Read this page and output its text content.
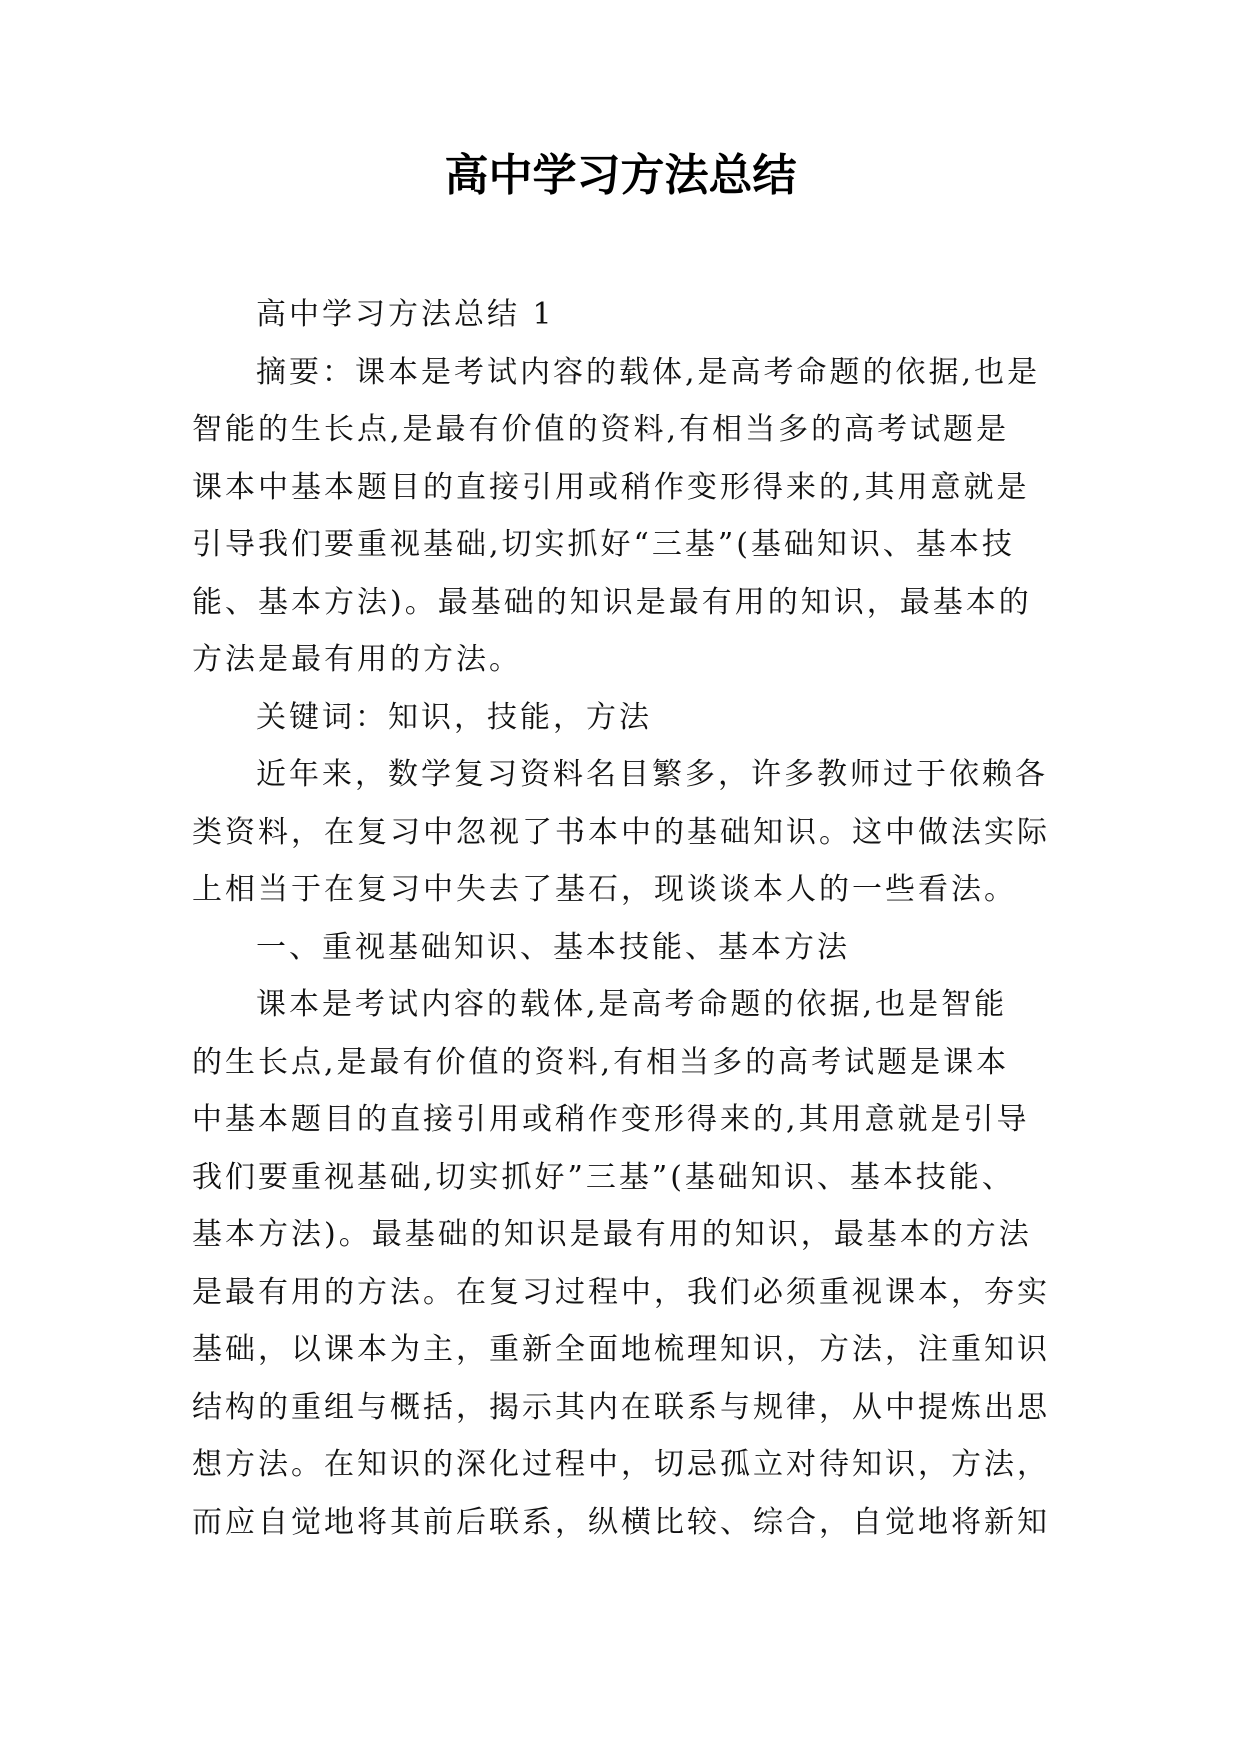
高中学习方法总结
高中学习方法总结 1
摘要：课本是考试内容的载体,是高考命题的依据,也是
智能的生长点,是最有价值的资料,有相当多的高考试题是
课本中基本题目的直接引用或稍作变形得来的,其用意就是
引导我们要重视基础,切实抓好“三基”(基础知识、基本技
能、基本方法)。最基础的知识是最有用的知识，最基本的
方法是最有用的方法。
关键词：知识，技能，方法
近年来，数学复习资料名目繁多，许多教师过于依赖各
类资料，在复习中忽视了书本中的基础知识。这中做法实际
上相当于在复习中失去了基石，现谈谈本人的一些看法。
一、重视基础知识、基本技能、基本方法
课本是考试内容的载体,是高考命题的依据,也是智能
的生长点,是最有价值的资料,有相当多的高考试题是课本
中基本题目的直接引用或稍作变形得来的,其用意就是引导
我们要重视基础,切实抓好”三基”(基础知识、基本技能、
基本方法)。最基础的知识是最有用的知识，最基本的方法
是最有用的方法。在复习过程中，我们必须重视课本，夯实
基础，以课本为主，重新全面地梳理知识，方法，注重知识
结构的重组与概括，揭示其内在联系与规律，从中提炼出思
想方法。在知识的深化过程中，切忌孤立对待知识，方法，
而应自觉地将其前后联系，纵横比较、综合，自觉地将新知
